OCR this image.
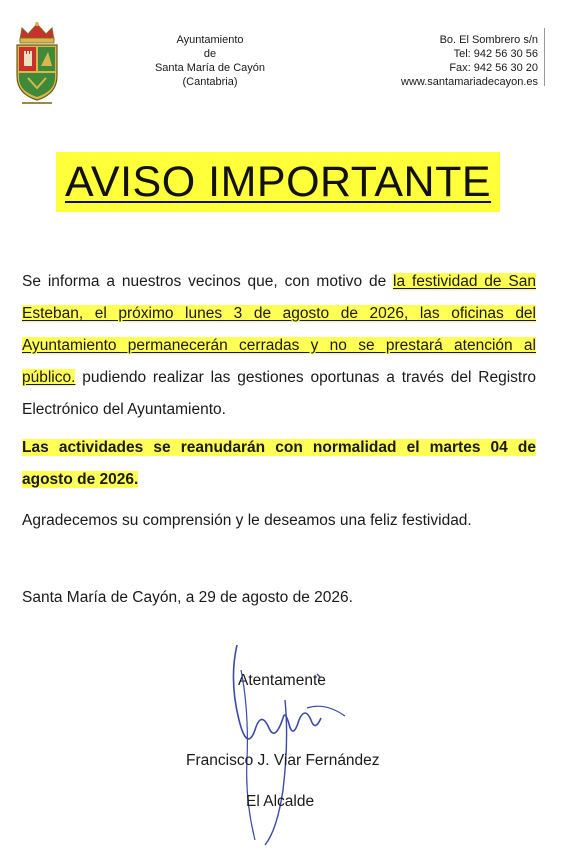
Ayuntamiento
de
Santa María de Cayón
(Cantabria)
Bo. El Sombrero s/n
Tel: 942 56 30 56
Fax: 942 56 30 20
www.santamariadecayon.es
AVISO IMPORTANTE
Se informa a nuestros vecinos que, con motivo de la festividad de San Esteban, el próximo lunes 3 de agosto de 2026, las oficinas del Ayuntamiento permanecerán cerradas y no se prestará atención al público. pudiendo realizar las gestiones oportunas a través del Registro Electrónico del Ayuntamiento.
Las actividades se reanudarán con normalidad el martes 04 de agosto de 2026.
Agradecemos su comprensión y le deseamos una feliz festividad.
Santa María de Cayón, a 29 de agosto de 2026.
Atentamente
Francisco J. Viar Fernández
El Alcalde
